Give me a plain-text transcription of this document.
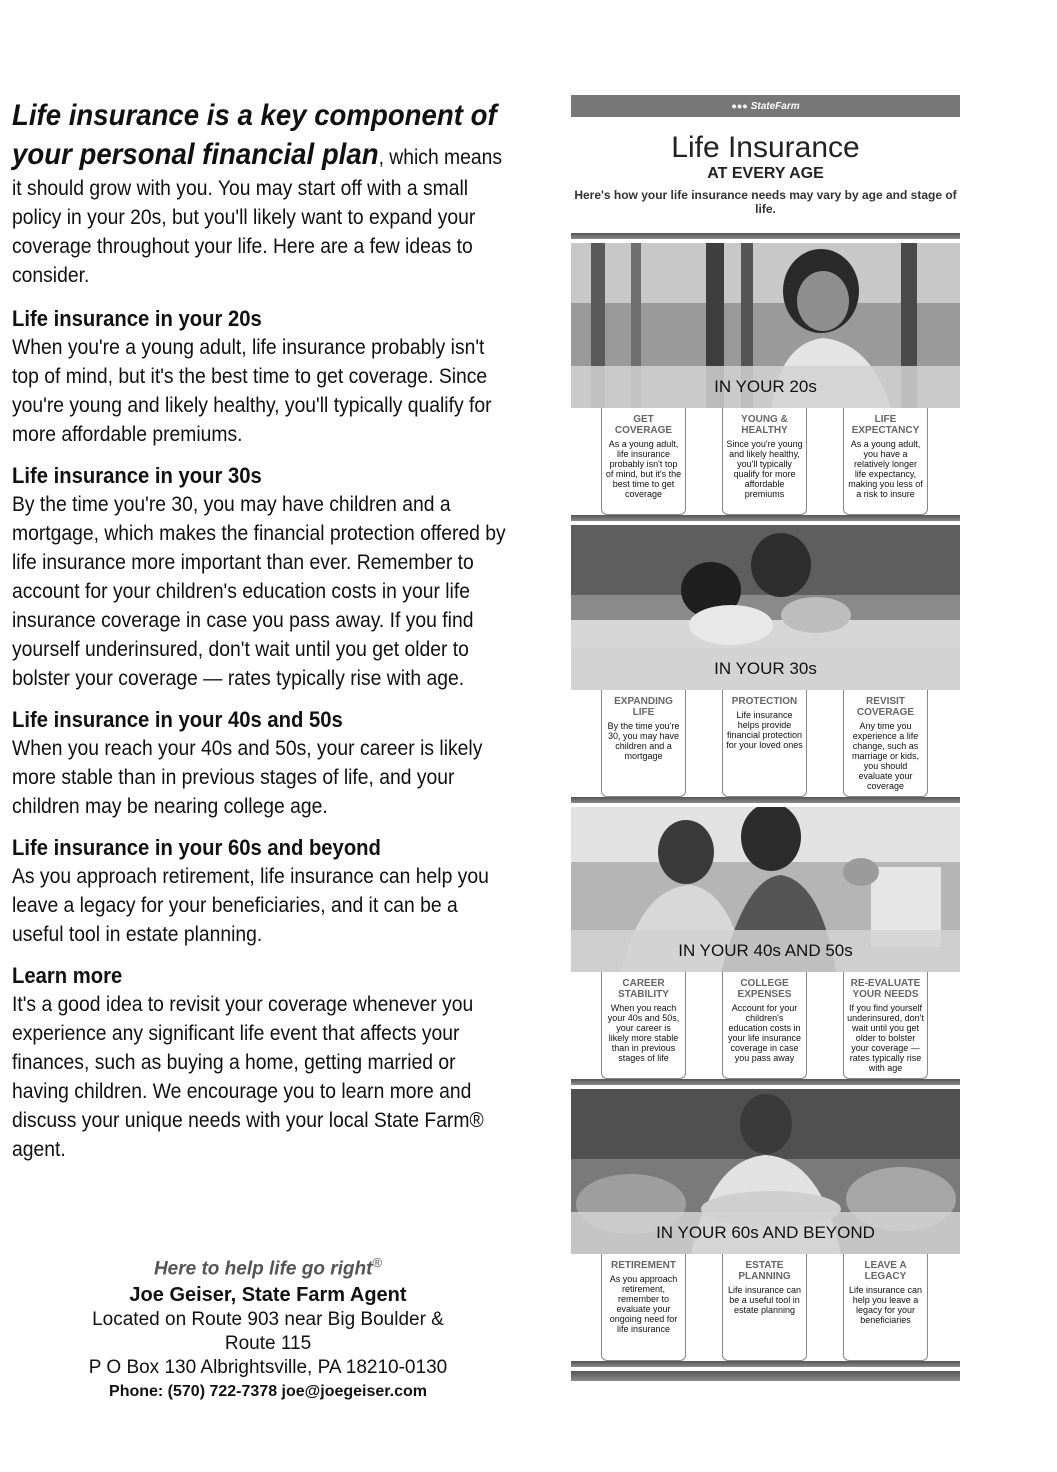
Life insurance is a key component of your personal financial plan, which means it should grow with you. You may start off with a small policy in your 20s, but you'll likely want to expand your coverage throughout your life. Here are a few ideas to consider.

Life insurance in your 20s

When you're a young adult, life insurance probably isn't top of mind, but it's the best time to get coverage. Since you're young and likely healthy, you'll typically qualify for more affordable premiums.

Life insurance in your 30s

By the time you're 30, you may have children and a mortgage, which makes the financial protection offered by life insurance more important than ever. Remember to account for your children's education costs in your life insurance coverage in case you pass away. If you find yourself underinsured, don't wait until you get older to bolster your coverage — rates typically rise with age.

Life insurance in your 40s and 50s

When you reach your 40s and 50s, your career is likely more stable than in previous stages of life, and your children may be nearing college age.

Life insurance in your 60s and beyond

As you approach retirement, life insurance can help you leave a legacy for your beneficiaries, and it can be a useful tool in estate planning.

Learn more

It's a good idea to revisit your coverage whenever you experience any significant life event that affects your finances, such as buying a home, getting married or having children. We encourage you to learn more and discuss your unique needs with your local State Farm® agent.

Here to help life go right®
Joe Geiser, State Farm Agent
Located on Route 903 near Big Boulder &
Route 115
P O Box 130 Albrightsville, PA 18210-0130
Phone: (570) 722-7378 joe@joegeiser.com
●●● StateFarm
Life Insurance
AT EVERY AGE
Here's how your life insurance needs may vary by age and stage of life.
IN YOUR 20s
GET COVERAGE
As a young adult, life insurance probably isn't top of mind, but it's the best time to get coverage
YOUNG & HEALTHY
Since you're young and likely healthy, you'll typically qualify for more affordable premiums
LIFE EXPECTANCY
As a young adult, you have a relatively longer life expectancy, making you less of a risk to insure
IN YOUR 30s
EXPANDING LIFE
By the time you're 30, you may have children and a mortgage
PROTECTION
Life insurance helps provide financial protection for your loved ones
REVISIT COVERAGE
Any time you experience a life change, such as marriage or kids, you should evaluate your coverage
IN YOUR 40s AND 50s
CAREER STABILITY
When you reach your 40s and 50s, your career is likely more stable than in previous stages of life
COLLEGE EXPENSES
Account for your children's education costs in your life insurance coverage in case you pass away
RE-EVALUATE YOUR NEEDS
If you find yourself underinsured, don't wait until you get older to bolster your coverage — rates typically rise with age
IN YOUR 60s AND BEYOND
RETIREMENT
As you approach retirement, remember to evaluate your ongoing need for life insurance
ESTATE PLANNING
Life insurance can be a useful tool in estate planning
LEAVE A LEGACY
Life insurance can help you leave a legacy for your beneficiaries
